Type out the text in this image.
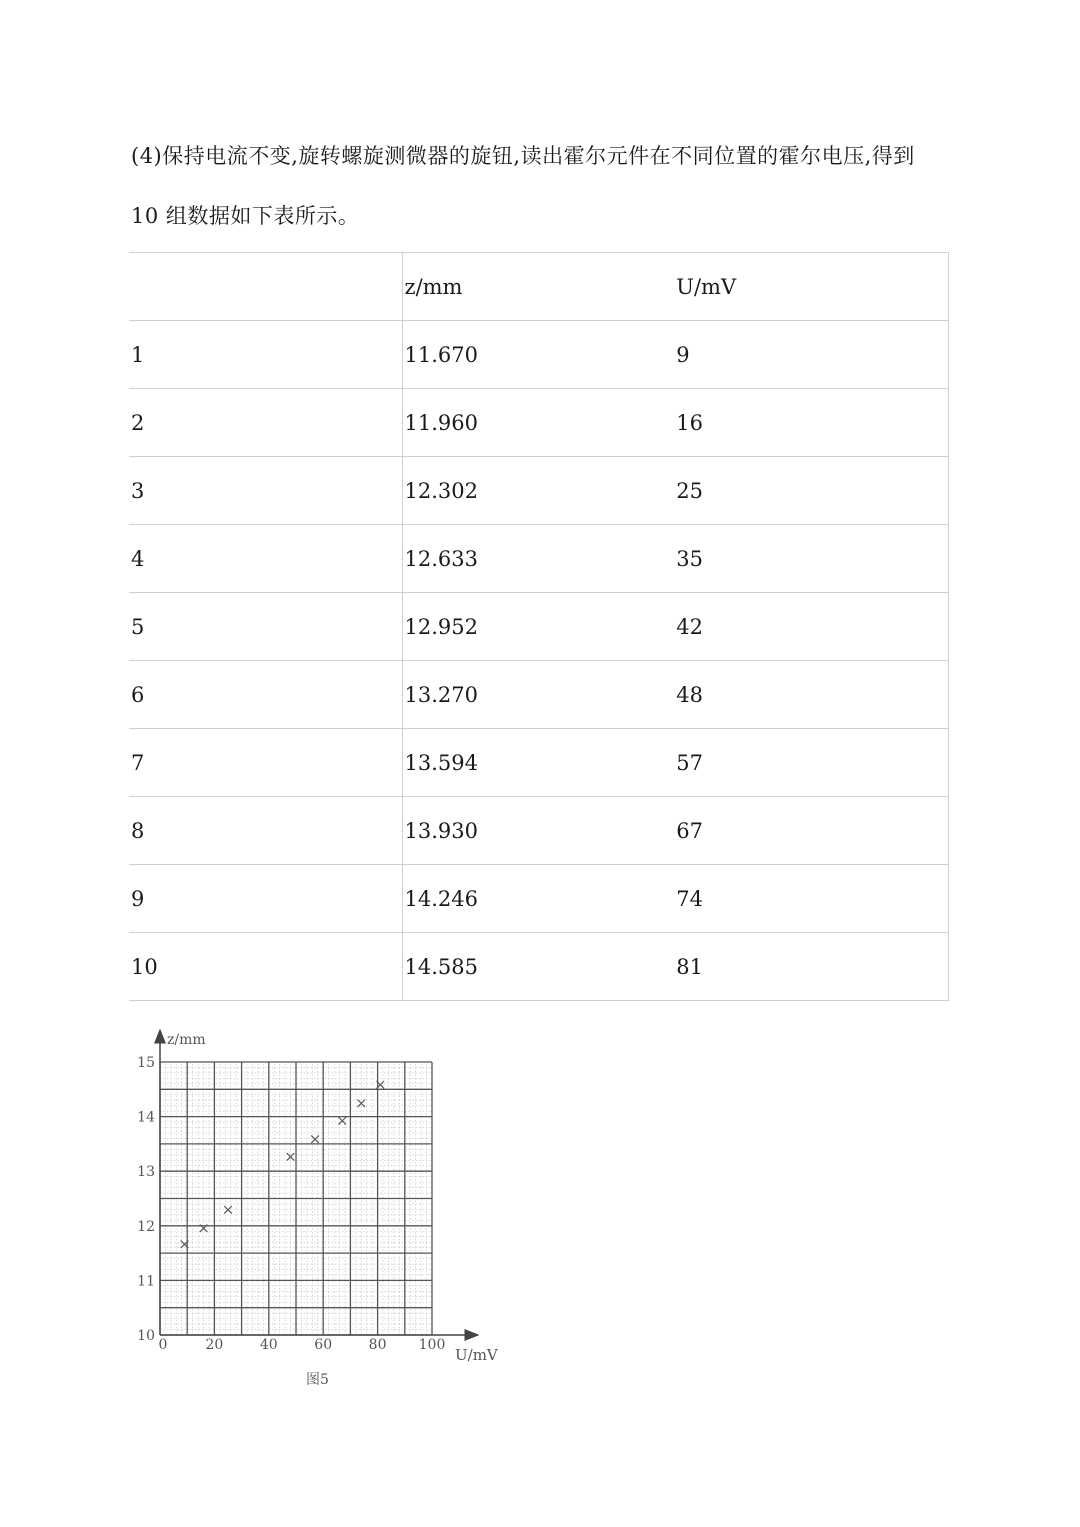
(4)保持电流不变,旋转螺旋测微器的旋钮,读出霍尔元件在不同位置的霍尔电压,得到
10 组数据如下表所示。
	z/mm	U/mV
1	11.670	9
2	11.960	16
3	12.302	25
4	12.633	35
5	12.952	42
6	13.270	48
7	13.594	57
8	13.930	67
9	14.246	74
10	14.585	81
0	20	40	60	80 100
10
11
12
13
14
15
×
×
×
×
×
×
×
×
z/mm
U/mV
图5
